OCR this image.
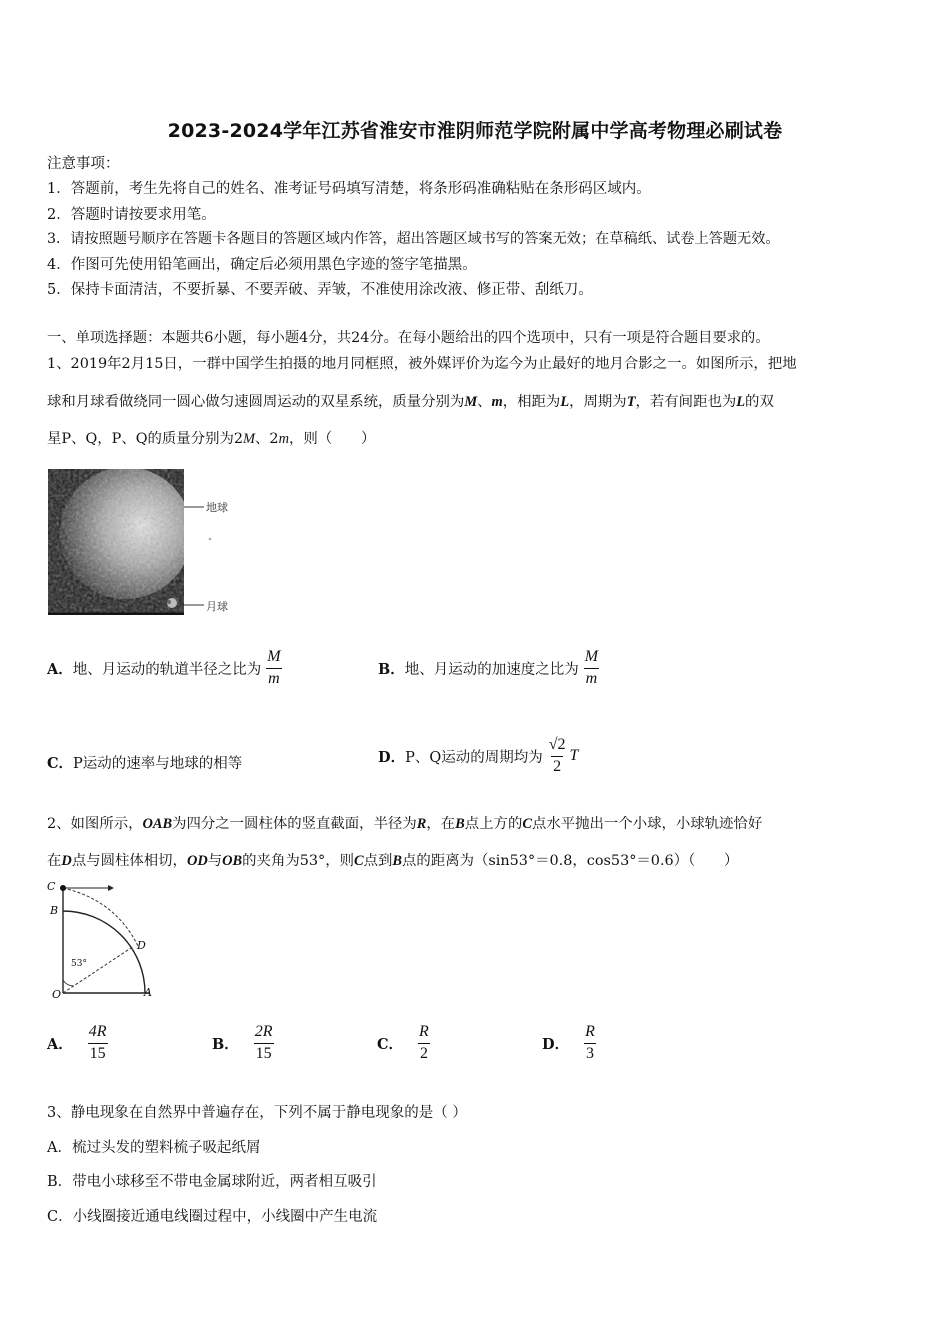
2023-2024学年江苏省淮安市淮阴师范学院附属中学高考物理必刷试卷
注意事项：
1．答题前，考生先将自己的姓名、准考证号码填写清楚，将条形码准确粘贴在条形码区域内。
2．答题时请按要求用笔。
3．请按照题号顺序在答题卡各题目的答题区域内作答，超出答题区域书写的答案无效；在草稿纸、试卷上答题无效。
4．作图可先使用铅笔画出，确定后必须用黑色字迹的签字笔描黑。
5．保持卡面清洁，不要折暴、不要弄破、弄皱，不准使用涂改液、修正带、刮纸刀。
一、单项选择题：本题共6小题，每小题4分，共24分。在每小题给出的四个选项中，只有一项是符合题目要求的。
1、2019年2月15日，一群中国学生拍摄的地月同框照，被外媒评价为迄今为止最好的地月合影之一。如图所示，把地
球和月球看做绕同一圆心做匀速圆周运动的双星系统，质量分别为M、m，相距为L，周期为T，若有间距也为L的双
星P、Q，P、Q的质量分别为2M、2m，则（　　）
地球
月球
A． 地、月运动的轨道半径之比为 $\frac{M}{m}$	B． 地、月运动的加速度之比为 $\frac{M}{m}$
C．P运动的速率与地球的相等	D． P、Q运动的周期均为 $\frac{√2}{2}$ T
2、如图所示，OAB为四分之一圆柱体的竖直截面，半径为R，在B点上方的C点水平抛出一个小球，小球轨迹恰好
在D点与圆柱体相切，OD与OB的夹角为53°，则C点到B点的距离为（sin53°＝0.8，cos53°＝0.6）（　　）
C
B
D
O	A
53°
A． $\frac{4R}{15}$	B． $\frac{2R}{15}$	C． $\frac{R}{2}$	D． $\frac{R}{3}$
3、静电现象在自然界中普遍存在，下列不属于静电现象的是（ ）
A．梳过头发的塑料梳子吸起纸屑
B．带电小球移至不带电金属球附近，两者相互吸引
C．小线圈接近通电线圈过程中，小线圈中产生电流
